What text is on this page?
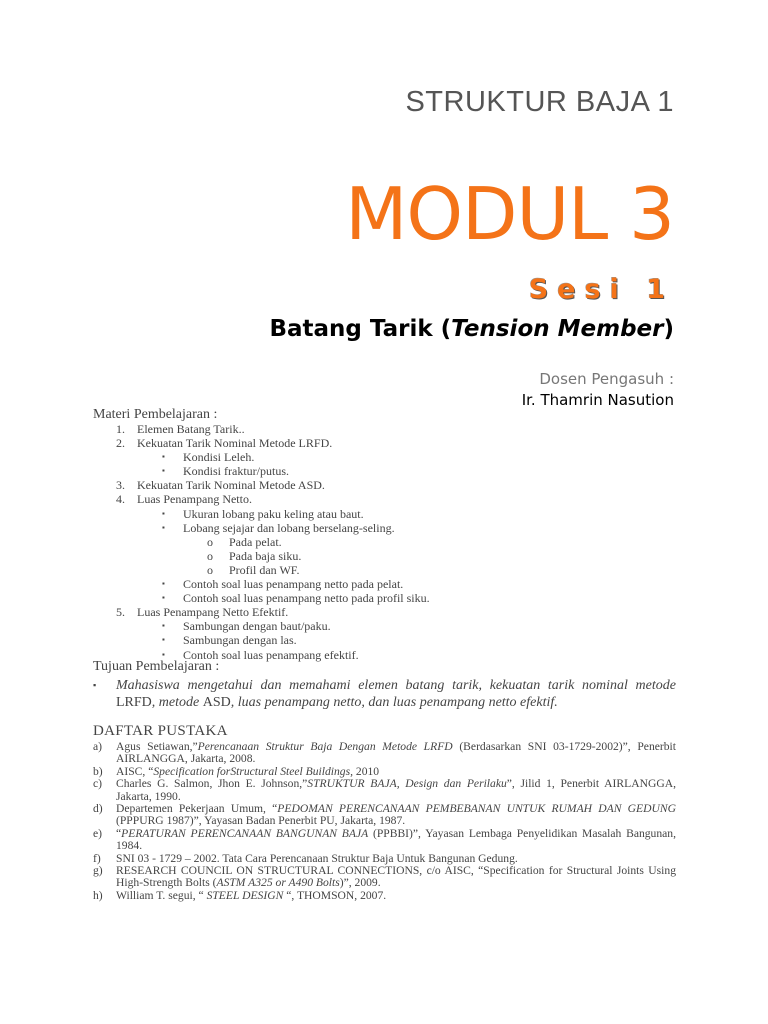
STRUKTUR BAJA 1
MODUL 3
Sesi 1
Batang Tarik (Tension Member)
Dosen Pengasuh :
Ir. Thamrin Nasution
Materi Pembelajaran :
1. Elemen Batang Tarik..
2. Kekuatan Tarik Nominal Metode LRFD.
▪ Kondisi Leleh.
▪ Kondisi fraktur/putus.
3. Kekuatan Tarik Nominal Metode ASD.
4. Luas Penampang Netto.
▪ Ukuran lobang paku keling atau baut.
▪ Lobang sejajar dan lobang berselang-seling.
o Pada pelat.
o Pada baja siku.
o Profil dan WF.
▪ Contoh soal luas penampang netto pada pelat.
▪ Contoh soal luas penampang netto pada profil siku.
5. Luas Penampang Netto Efektif.
▪ Sambungan dengan baut/paku.
▪ Sambungan dengan las.
▪ Contoh soal luas penampang efektif.
Tujuan Pembelajaran :
▪ Mahasiswa mengetahui dan memahami elemen batang tarik, kekuatan tarik nominal metode LRFD, metode ASD, luas penampang netto, dan luas penampang netto efektif.
DAFTAR PUSTAKA
a) Agus Setiawan,”Perencanaan Struktur Baja Dengan Metode LRFD (Berdasarkan SNI 03-1729-2002)”, Penerbit AIRLANGGA, Jakarta, 2008.
b) AISC, “Specification forStructural Steel Buildings, 2010
c) Charles G. Salmon, Jhon E. Johnson,”STRUKTUR BAJA, Design dan Perilaku”, Jilid 1, Penerbit AIRLANGGA, Jakarta, 1990.
d) Departemen Pekerjaan Umum, “PEDOMAN PERENCANAAN PEMBEBANAN UNTUK RUMAH DAN GEDUNG (PPPURG 1987)”, Yayasan Badan Penerbit PU, Jakarta, 1987.
e) “PERATURAN PERENCANAAN BANGUNAN BAJA (PPBBI)”, Yayasan Lembaga Penyelidikan Masalah Bangunan, 1984.
f) SNI 03 - 1729 – 2002. Tata Cara Perencanaan Struktur Baja Untuk Bangunan Gedung.
g) RESEARCH COUNCIL ON STRUCTURAL CONNECTIONS, c/o AISC, “Specification for Structural Joints Using High-Strength Bolts (ASTM A325 or A490 Bolts)”, 2009.
h) William T. segui, “ STEEL DESIGN “, THOMSON, 2007.
